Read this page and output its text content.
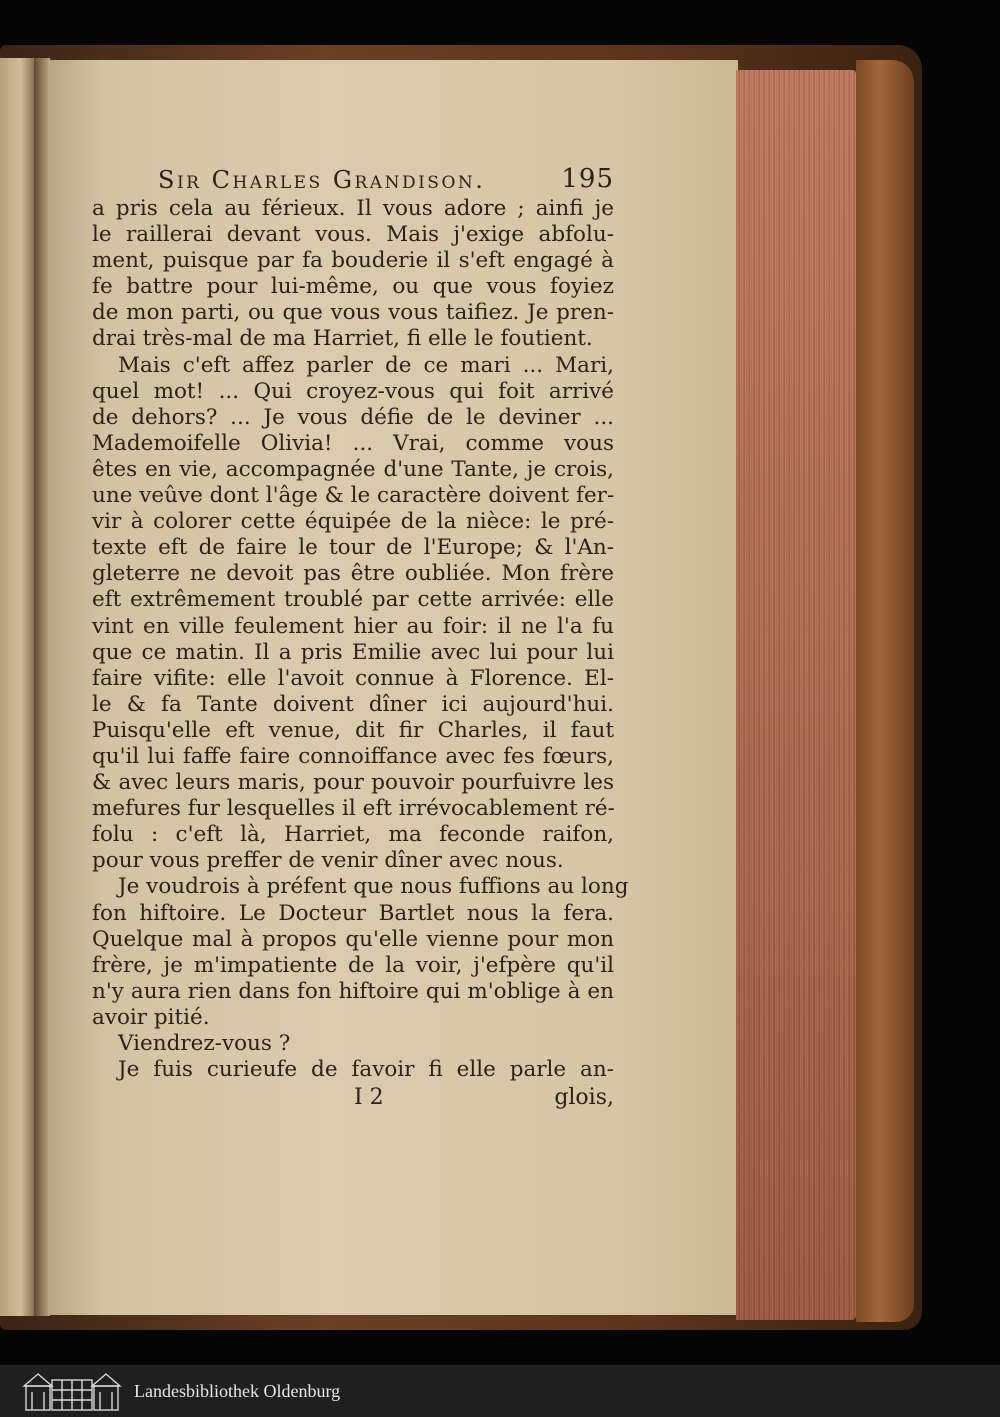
Sir Charles Grandison.	195
a pris cela au férieux. Il vous adore ; ainfi je
le raillerai devant vous. Mais j'exige abfolu-
ment, puisque par fa bouderie il s'eft engagé à
fe battre pour lui-même, ou que vous foyiez
de mon parti, ou que vous vous taifiez. Je pren-
drai très-mal de ma Harriet, fi elle le foutient.
Mais c'eft affez parler de ce mari ... Mari,
quel mot! ... Qui croyez-vous qui foit arrivé
de dehors? ... Je vous défie de le deviner ...
Mademoifelle Olivia! ... Vrai, comme vous
êtes en vie, accompagnée d'une Tante, je crois,
une veûve dont l'âge & le caractère doivent fer-
vir à colorer cette équipée de la nièce: le pré-
texte eft de faire le tour de l'Europe; & l'An-
gleterre ne devoit pas être oubliée. Mon frère
eft extrêmement troublé par cette arrivée: elle
vint en ville feulement hier au foir: il ne l'a fu
que ce matin. Il a pris Emilie avec lui pour lui
faire vifite: elle l'avoit connue à Florence. El-
le & fa Tante doivent dîner ici aujourd'hui.
Puisqu'elle eft venue, dit fir Charles, il faut
qu'il lui faffe faire connoiffance avec fes fœurs,
& avec leurs maris, pour pouvoir pourfuivre les
mefures fur lesquelles il eft irrévocablement ré-
folu : c'eft là, Harriet, ma feconde raifon,
pour vous preffer de venir dîner avec nous.
Je voudrois à préfent que nous fuffions au long
fon hiftoire. Le Docteur Bartlet nous la fera.
Quelque mal à propos qu'elle vienne pour mon
frère, je m'impatiente de la voir, j'efpère qu'il
n'y aura rien dans fon hiftoire qui m'oblige à en
avoir pitié.
Viendrez-vous ?
Je fuis curieufe de favoir fi elle parle an-
I 2	glois,
Landesbibliothek Oldenburg
